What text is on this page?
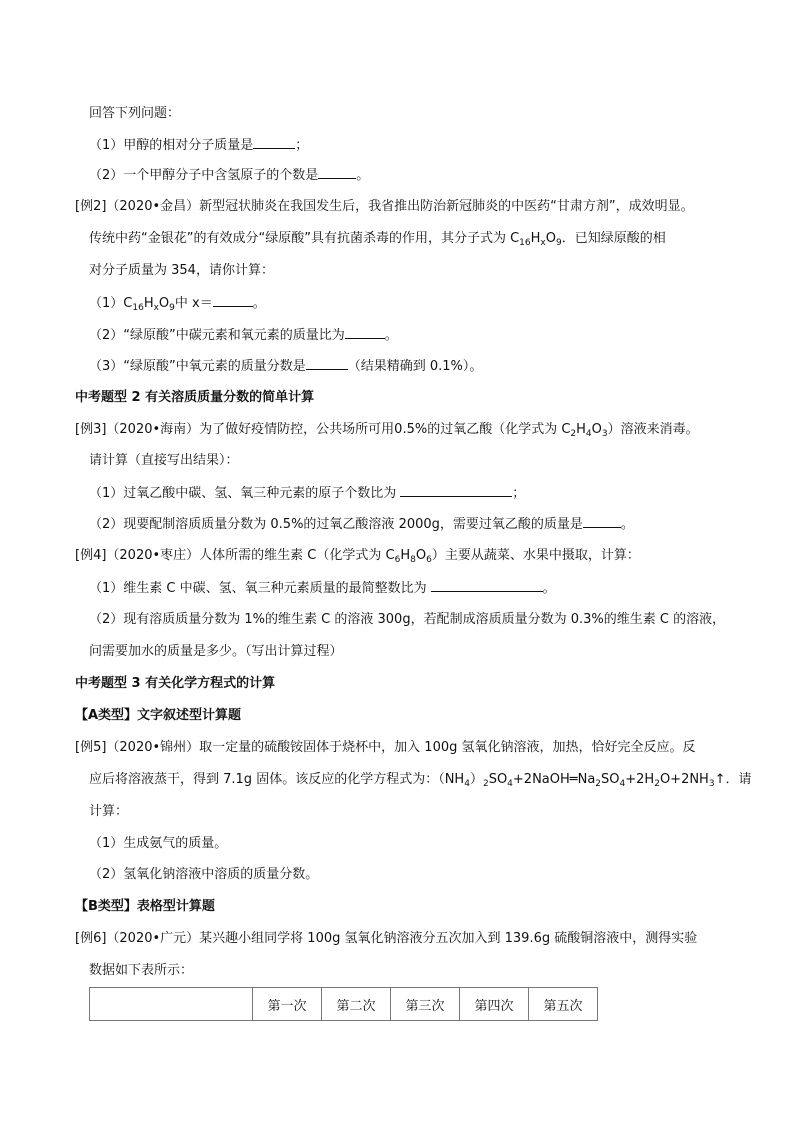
回答下列问题：
（1）甲醇的相对分子质量是	；
（2）一个甲醇分子中含氢原子的个数是	。
[例2]（2020•金昌）新型冠状肺炎在我国发生后，我省推出防治新冠肺炎的中医药“甘肃方剂”，成效明显。
传统中药“金银花”的有效成分“绿原酸”具有抗菌杀毒的作用，其分子式为 $C_{16}H_xO_9$．已知绿原酸的相
对分子质量为 354，请你计算：
$(1)C_{16}H_xO_9$中 x＝	。
（2）“绿原酸”中碳元素和氧元素的质量比为	。
（3）“绿原酸”中氧元素的质量分数是	（结果精确到 0.1%）。
中考题型 2 有关溶质质量分数的简单计算
[例3]（2020•海南）为了做好疫情防控，公共场所可用0.5%的过氧乙酸（化学式为 $C_2H_4O_3$）溶液来消毒。
请计算（直接写出结果）：
（1）过氧乙酸中碳、氢、氧三种元素的原子个数比为	；
（2）现要配制溶质质量分数为 0.5%的过氧乙酸溶液 2000g，需要过氧乙酸的质量是	。
[例4]（2020•枣庄）人体所需的维生素 C（化学式为 $C_6H_8O_6$）主要从蔬菜、水果中摄取，计算：
（1）维生素 C 中碳、氢、氧三种元素质量的最简整数比为	。
（2）现有溶质质量分数为 1%的维生素 C 的溶液 300g，若配制成溶质质量分数为 0.3%的维生素 C 的溶液，
问需要加水的质量是多少。（写出计算过程）
中考题型 3 有关化学方程式的计算
【A类型】文字叙述型计算题
[例5]（2020•锦州）取一定量的硫酸铵固体于烧杯中，加入 100g 氢氧化钠溶液，加热，恰好完全反应。反
应后将溶液蒸干，得到 7.1g 固体。该反应的化学方程式为：$(NH_4)_2SO_4+2NaOH═Na_2SO_4+2H_2O+2NH_3↑$．请
计算：
（1）生成氨气的质量。
（2）氢氧化钠溶液中溶质的质量分数。
【B类型】表格型计算题
[例6]（2020•广元）某兴趣小组同学将 100g 氢氧化钠溶液分五次加入到 139.6g 硫酸铜溶液中，测得实验
数据如下表所示：
	第一次	第二次	第三次	第四次	第五次
